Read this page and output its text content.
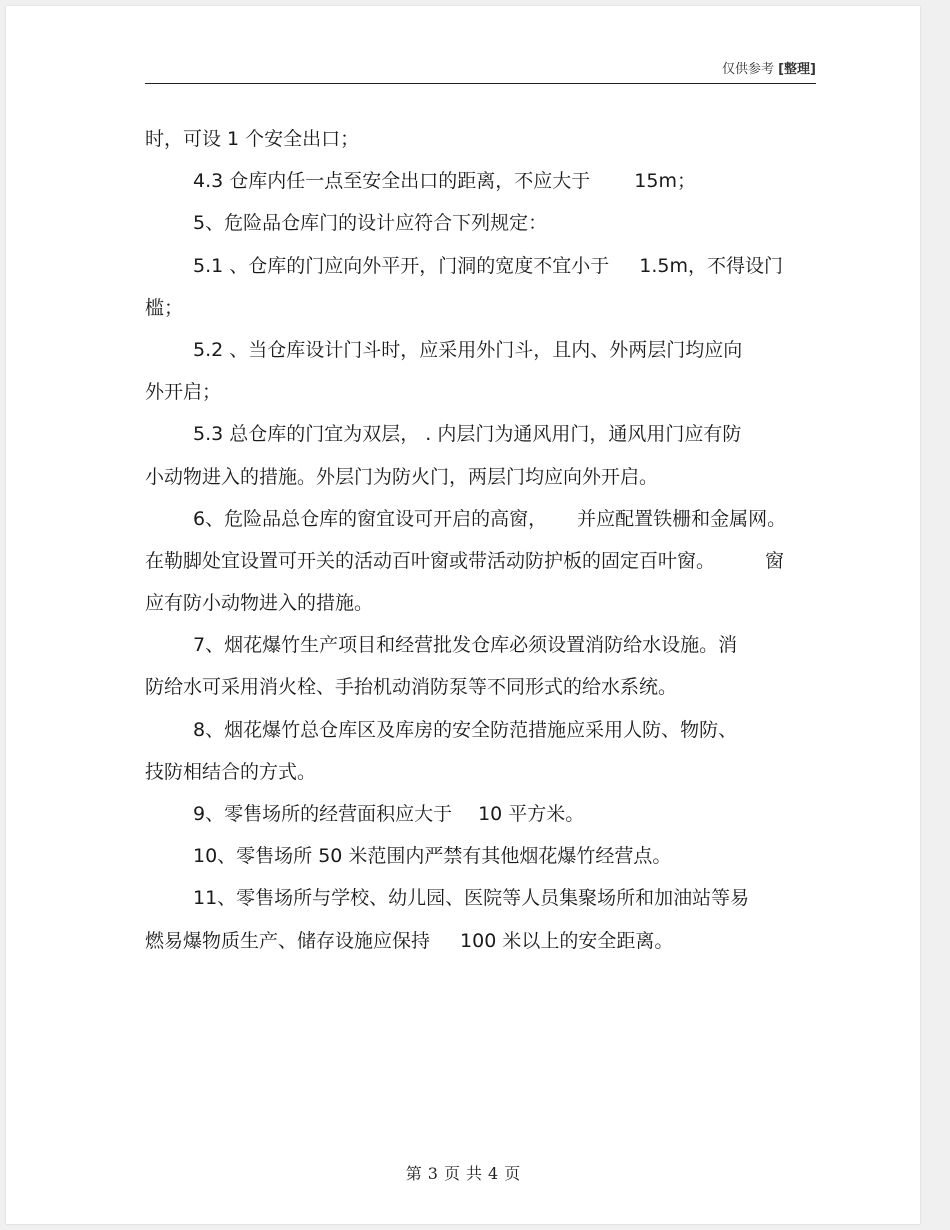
仅供参考 [整理]
时，可设 1 个安全出口；
4.3 仓库内任一点至安全出口的距离，不应大于 15m；
5、危险品仓库门的设计应符合下列规定：
5.1 、仓库的门应向外平开，门洞的宽度不宜小于 1.5m，不得设门
槛；
5.2 、当仓库设计门斗时，应采用外门斗，且内、外两层门均应向
外开启；
5.3 总仓库的门宜为双层， . 内层门为通风用门，通风用门应有防
小动物进入的措施。外层门为防火门，两层门均应向外开启。
6、危险品总仓库的窗宜设可开启的高窗， 并应配置铁栅和金属网。
在勒脚处宜设置可开关的活动百叶窗或带活动防护板的固定百叶窗。	窗
应有防小动物进入的措施。
7、烟花爆竹生产项目和经营批发仓库必须设置消防给水设施。消
防给水可采用消火栓、手抬机动消防泵等不同形式的给水系统。
8、烟花爆竹总仓库区及库房的安全防范措施应采用人防、物防、
技防相结合的方式。
9、零售场所的经营面积应大于 10 平方米。
10、零售场所 50 米范围内严禁有其他烟花爆竹经营点。
11、零售场所与学校、幼儿园、医院等人员集聚场所和加油站等易
燃易爆物质生产、储存设施应保持 100 米以上的安全距离。
第 3 页 共 4 页
